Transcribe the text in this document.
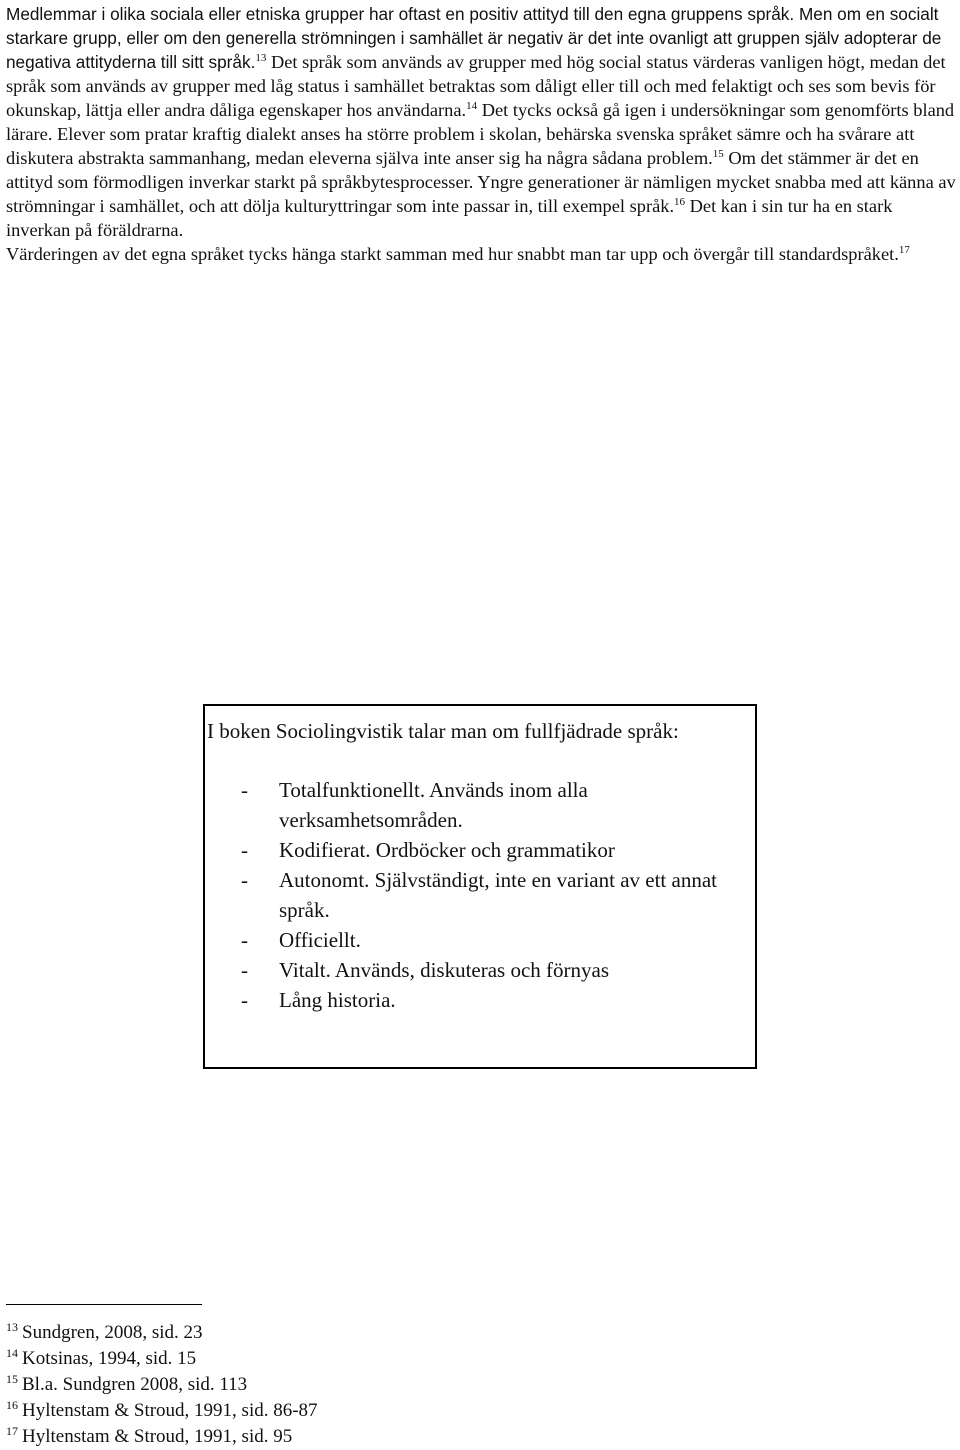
Medlemmar i olika sociala eller etniska grupper har oftast en positiv attityd till den egna gruppens språk. Men om en socialt starkare grupp, eller om den generella strömningen i samhället är negativ är det inte ovanligt att gruppen själv adopterar de negativa attityderna till sitt språk.$^{13}$ Det språk som används av grupper med hög social status värderas vanligen högt, medan det språk som används av grupper med låg status i samhället betraktas som dåligt eller till och med felaktigt och ses som bevis för okunskap, lättja eller andra dåliga egenskaper hos användarna.$^{14}$ Det tycks också gå igen i undersökningar som genomförts bland lärare. Elever som pratar kraftig dialekt anses ha större problem i skolan, behärska svenska språket sämre och ha svårare att diskutera abstrakta sammanhang, medan eleverna själva inte anser sig ha några sådana problem.$^{15}$ Om det stämmer är det en attityd som förmodligen inverkar starkt på språkbytesprocesser. Yngre generationer är nämligen mycket snabba med att känna av strömningar i samhället, och att dölja kulturyttringar som inte passar in, till exempel språk.$^{16}$ Det kan i sin tur ha en stark inverkan på föräldrarna.
Värderingen av det egna språket tycks hänga starkt samman med hur snabbt man tar upp och övergår till standardspråket.$^{17}$
I boken Sociolingvistik talar man om fullfjädrade språk:
- Totalfunktionellt. Används inom alla verksamhetsområden.
- Kodifierat. Ordböcker och grammatikor
- Autonomt. Självständigt, inte en variant av ett annat språk.
- Officiellt.
- Vitalt. Används, diskuteras och förnyas
- Lång historia.
$^{13}$ Sundgren, 2008, sid. 23
$^{14}$ Kotsinas, 1994, sid. 15
$^{15}$ Bl.a. Sundgren 2008, sid. 113
$^{16}$ Hyltenstam & Stroud, 1991, sid. 86-87
$^{17}$ Hyltenstam & Stroud, 1991, sid. 95
